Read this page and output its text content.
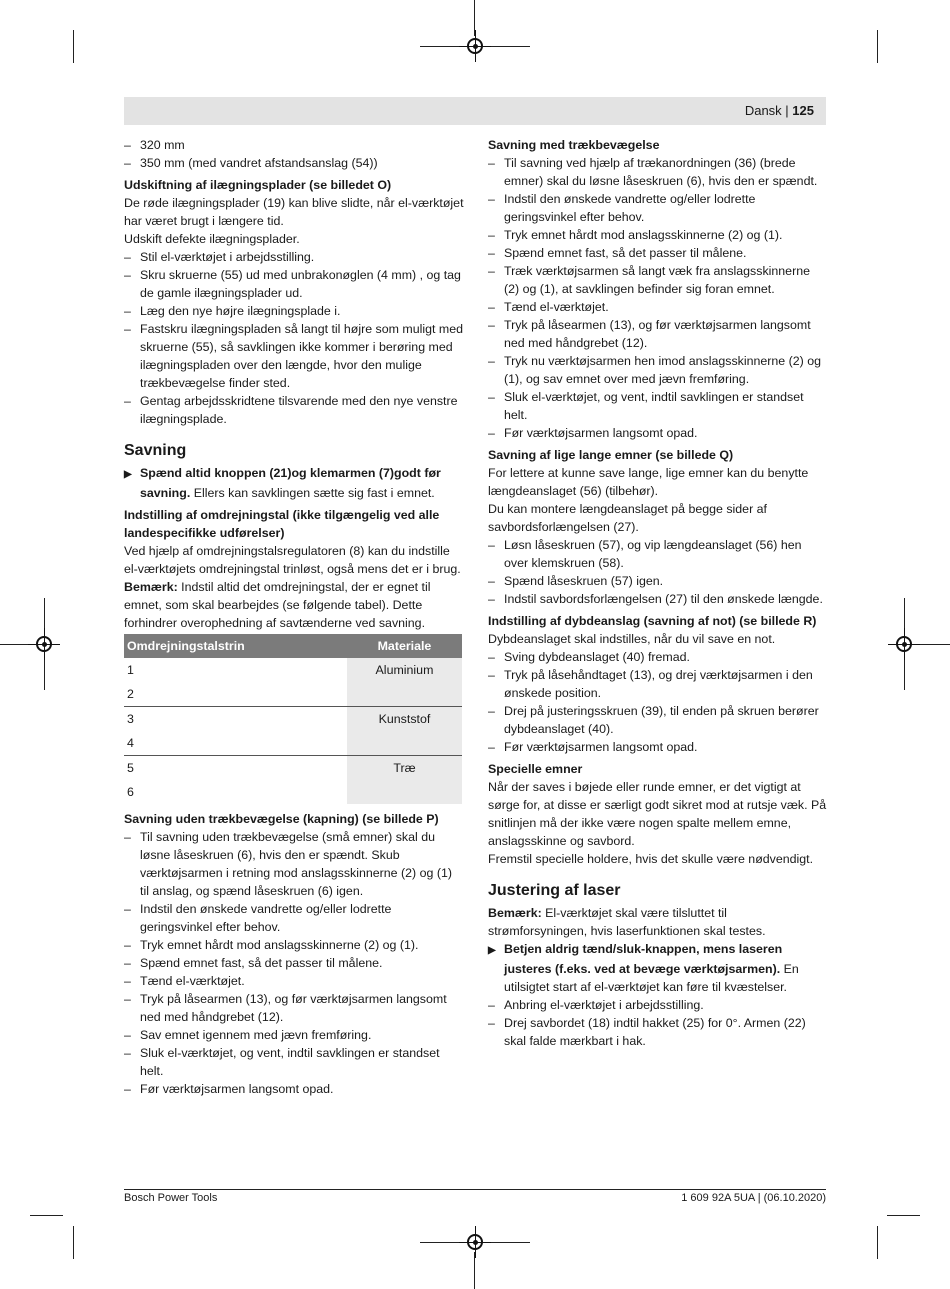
Dansk | 125

– 320 mm

– 350 mm (med vandret afstandsanslag (54))

Udskiftning af ilægningsplader (se billedet O)

De røde ilægningsplader (19) kan blive slidte, når el-værktøjet har været brugt i længere tid.

Udskift defekte ilægningsplader.

– Stil el-værktøjet i arbejdsstilling.

– Skru skruerne (55) ud med unbrakonøglen (4 mm) , og tag de gamle ilægningsplader ud.

– Læg den nye højre ilægningsplade i.

– Fastskru ilægningspladen så langt til højre som muligt med skruerne (55), så savklingen ikke kommer i berøring med ilægningspladen over den længde, hvor den mulige trækbevægelse finder sted.

– Gentag arbejdsskridtene tilsvarende med den nye venstre ilægningsplade.

Savning

▶ Spænd altid knoppen (21)og klemarmen (7)godt før savning. Ellers kan savklingen sætte sig fast i emnet.

Indstilling af omdrejningstal (ikke tilgængelig ved alle landespecifikke udførelser)

Ved hjælp af omdrejningstalsregulatoren (8) kan du indstille el-værktøjets omdrejningstal trinløst, også mens det er i brug.

Bemærk: Indstil altid det omdrejningstal, der er egnet til emnet, som skal bearbejdes (se følgende tabel). Dette forhindrer overophedning af savtænderne ved savning.

Omdrejningstalstrin	Materiale
1	Aluminium
2	
3	Kunststof
4	
5	Træ
6	

Savning uden trækbevægelse (kapning) (se billede P)

– Til savning uden trækbevægelse (små emner) skal du løsne låseskruen (6), hvis den er spændt. Skub værktøjsarmen i retning mod anslagsskinnerne (2) og (1) til anslag, og spænd låseskruen (6) igen.

– Indstil den ønskede vandrette og/eller lodrette geringsvinkel efter behov.

– Tryk emnet hårdt mod anslagsskinnerne (2) og (1).

– Spænd emnet fast, så det passer til målene.

– Tænd el-værktøjet.

– Tryk på låsearmen (13), og før værktøjsarmen langsomt ned med håndgrebet (12).

– Sav emnet igennem med jævn fremføring.

– Sluk el-værktøjet, og vent, indtil savklingen er standset helt.

– Før værktøjsarmen langsomt opad.

Savning med trækbevægelse

– Til savning ved hjælp af trækanordningen (36) (brede emner) skal du løsne låseskruen (6), hvis den er spændt.

– Indstil den ønskede vandrette og/eller lodrette geringsvinkel efter behov.

– Tryk emnet hårdt mod anslagsskinnerne (2) og (1).

– Spænd emnet fast, så det passer til målene.

– Træk værktøjsarmen så langt væk fra anslagsskinnerne (2) og (1), at savklingen befinder sig foran emnet.

– Tænd el-værktøjet.

– Tryk på låsearmen (13), og før værktøjsarmen langsomt ned med håndgrebet (12).

– Tryk nu værktøjsarmen hen imod anslagsskinnerne (2) og (1), og sav emnet over med jævn fremføring.

– Sluk el-værktøjet, og vent, indtil savklingen er standset helt.

– Før værktøjsarmen langsomt opad.

Savning af lige lange emner (se billede Q)

For lettere at kunne save lange, lige emner kan du benytte længdeanslaget (56) (tilbehør).

Du kan montere længdeanslaget på begge sider af savbordsforlængelsen (27).

– Løsn låseskruen (57), og vip længdeanslaget (56) hen over klemskruen (58).

– Spænd låseskruen (57) igen.

– Indstil savbordsforlængelsen (27) til den ønskede længde.

Indstilling af dybdeanslag (savning af not) (se billede R)

Dybdeanslaget skal indstilles, når du vil save en not.

– Sving dybdeanslaget (40) fremad.

– Tryk på låsehåndtaget (13), og drej værktøjsarmen i den ønskede position.

– Drej på justeringsskruen (39), til enden på skruen berører dybdeanslaget (40).

– Før værktøjsarmen langsomt opad.

Specielle emner

Når der saves i bøjede eller runde emner, er det vigtigt at sørge for, at disse er særligt godt sikret mod at rutsje væk. På snitlinjen må der ikke være nogen spalte mellem emne, anslagsskinne og savbord.

Fremstil specielle holdere, hvis det skulle være nødvendigt.

Justering af laser

Bemærk: El-værktøjet skal være tilsluttet til strømforsyningen, hvis laserfunktionen skal testes.

▶ Betjen aldrig tænd/sluk-knappen, mens laseren justeres (f.eks. ved at bevæge værktøjsarmen). En utilsigtet start af el-værktøjet kan føre til kvæstelser.

– Anbring el-værktøjet i arbejdsstilling.

– Drej savbordet (18) indtil hakket (25) for 0°. Armen (22) skal falde mærkbart i hak.

Bosch Power Tools	1 609 92A 5UA | (06.10.2020)
